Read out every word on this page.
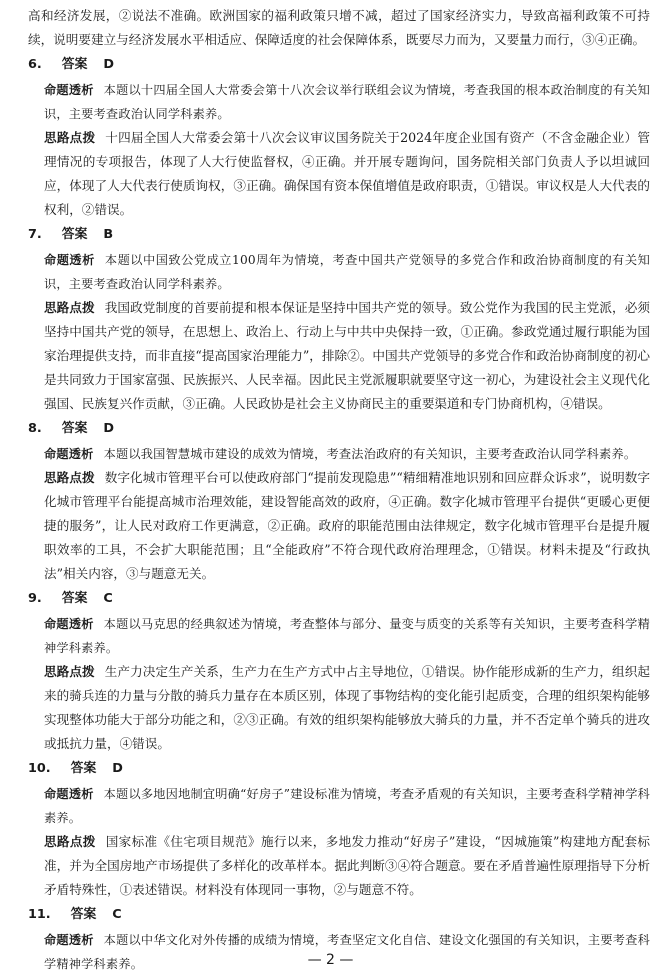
高和经济发展，②说法不准确。欧洲国家的福利政策只增不减，超过了国家经济实力，导致高福利政策不可持续，说明要建立与经济发展水平相适应、保障适度的社会保障体系，既要尽力而为，又要量力而行，③④正确。

6. 答案 D

命题透析 本题以十四届全国人大常委会第十八次会议举行联组会议为情境，考查我国的根本政治制度的有关知识，主要考查政治认同学科素养。

思路点拨 十四届全国人大常委会第十八次会议审议国务院关于2024年度企业国有资产（不含金融企业）管理情况的专项报告，体现了人大行使监督权，④正确。并开展专题询问，国务院相关部门负责人予以坦诚回应，体现了人大代表行使质询权，③正确。确保国有资本保值增值是政府职责，①错误。审议权是人大代表的权利，②错误。

7. 答案 B

命题透析 本题以中国致公党成立100周年为情境，考查中国共产党领导的多党合作和政治协商制度的有关知识，主要考查政治认同学科素养。

思路点拨 我国政党制度的首要前提和根本保证是坚持中国共产党的领导。致公党作为我国的民主党派，必须坚持中国共产党的领导，在思想上、政治上、行动上与中共中央保持一致，①正确。参政党通过履行职能为国家治理提供支持，而非直接“提高国家治理能力”，排除②。中国共产党领导的多党合作和政治协商制度的初心是共同致力于国家富强、民族振兴、人民幸福。因此民主党派履职就要坚守这一初心，为建设社会主义现代化强国、民族复兴作贡献，③正确。人民政协是社会主义协商民主的重要渠道和专门协商机构，④错误。

8. 答案 D

命题透析 本题以我国智慧城市建设的成效为情境，考查法治政府的有关知识，主要考查政治认同学科素养。

思路点拨 数字化城市管理平台可以使政府部门“提前发现隐患”“精细精准地识别和回应群众诉求”，说明数字化城市管理平台能提高城市治理效能，建设智能高效的政府，④正确。数字化城市管理平台提供“更暖心更便捷的服务”，让人民对政府工作更满意，②正确。政府的职能范围由法律规定，数字化城市管理平台是提升履职效率的工具，不会扩大职能范围；且“全能政府”不符合现代政府治理理念，①错误。材料未提及“行政执法”相关内容，③与题意无关。

9. 答案 C

命题透析 本题以马克思的经典叙述为情境，考查整体与部分、量变与质变的关系等有关知识，主要考查科学精神学科素养。

思路点拨 生产力决定生产关系，生产力在生产方式中占主导地位，①错误。协作能形成新的生产力，组织起来的骑兵连的力量与分散的骑兵力量存在本质区别，体现了事物结构的变化能引起质变，合理的组织架构能够实现整体功能大于部分功能之和，②③正确。有效的组织架构能够放大骑兵的力量，并不否定单个骑兵的进攻或抵抗力量，④错误。

10. 答案 D

命题透析 本题以多地因地制宜明确“好房子”建设标准为情境，考查矛盾观的有关知识，主要考查科学精神学科素养。

思路点拨 国家标准《住宅项目规范》施行以来，多地发力推动“好房子”建设，“因城施策”构建地方配套标准，并为全国房地产市场提供了多样化的改革样本。据此判断③④符合题意。要在矛盾普遍性原理指导下分析矛盾特殊性，①表述错误。材料没有体现同一事物，②与题意不符。

11. 答案 C

命题透析 本题以中华文化对外传播的成绩为情境，考查坚定文化自信、建设文化强国的有关知识，主要考查科学精神学科素养。	— 2 —
